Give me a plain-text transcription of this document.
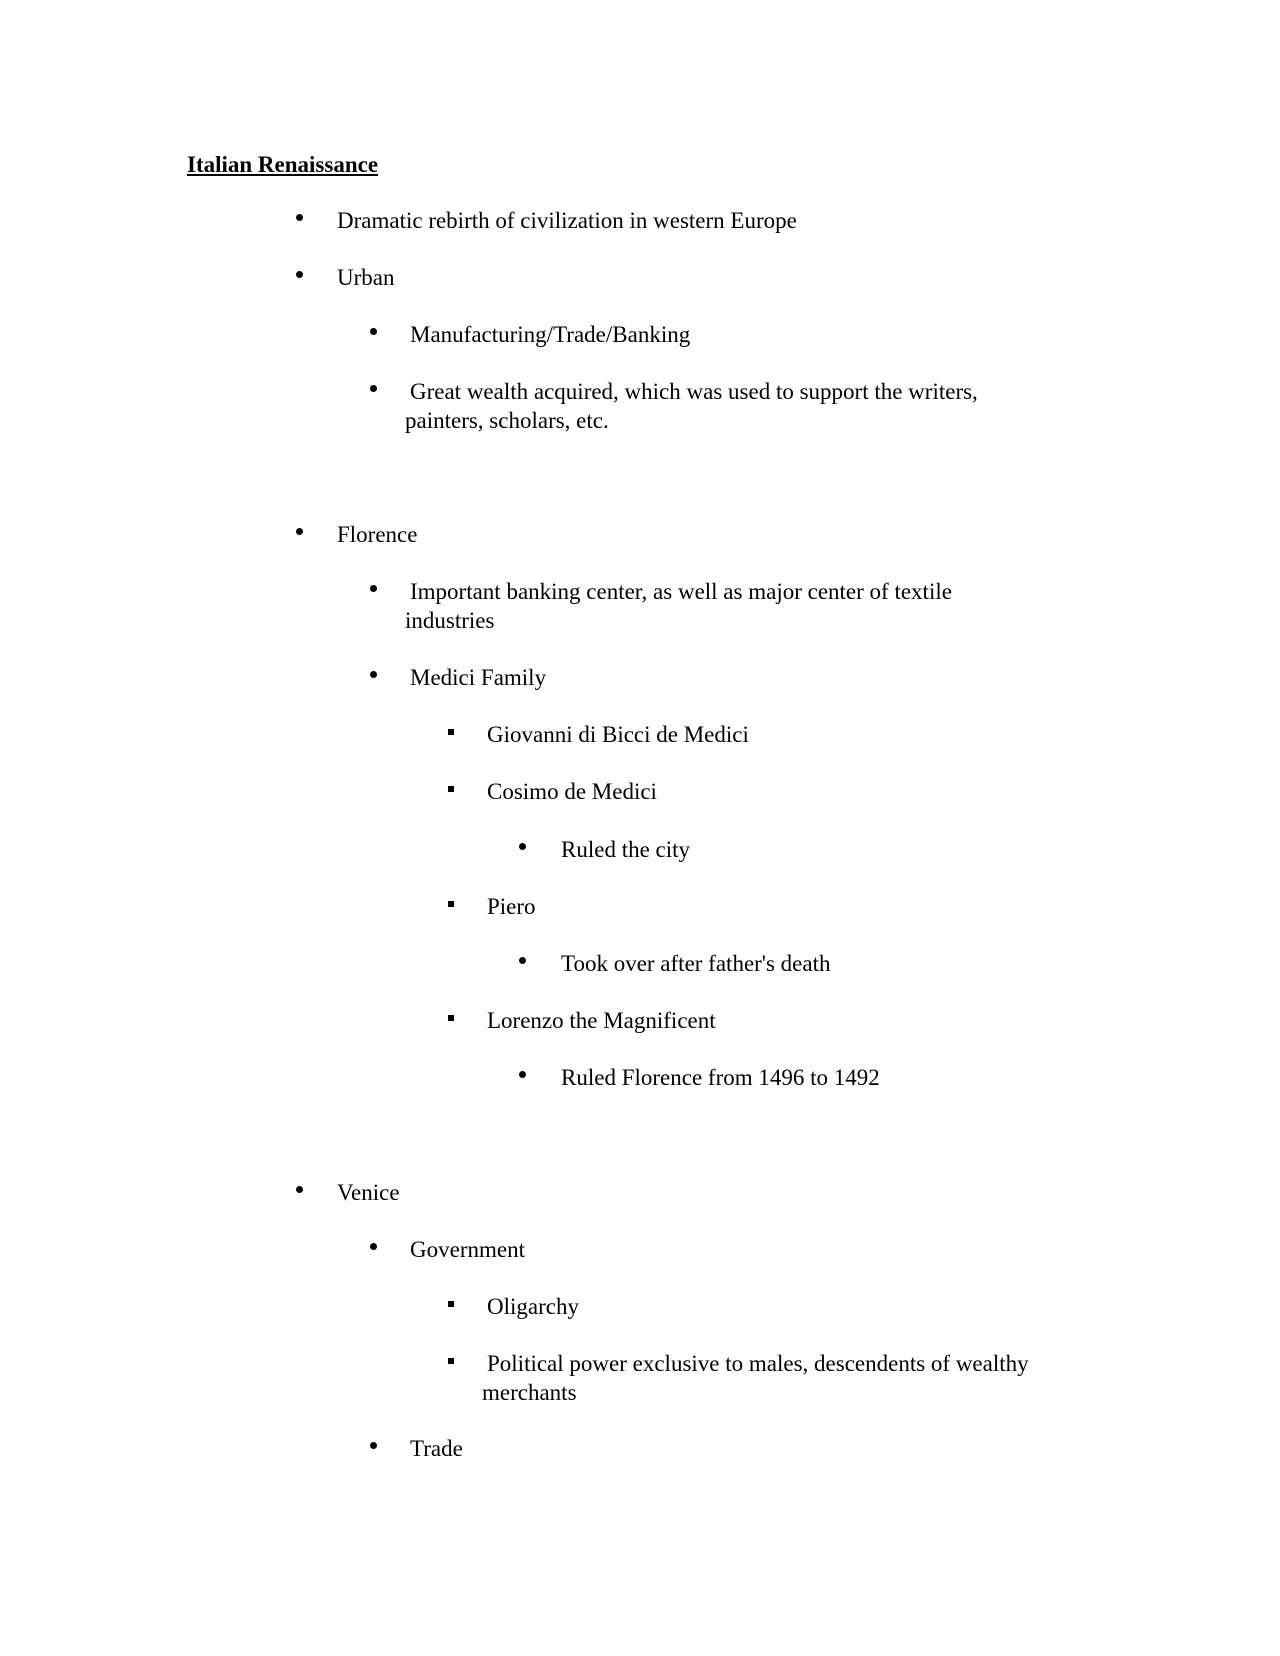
Italian Renaissance
Dramatic rebirth of civilization in western Europe
Urban
Manufacturing/Trade/Banking
Great wealth acquired, which was used to support the writers,
painters, scholars, etc.
Florence
Important banking center, as well as major center of textile
industries
Medici Family
Giovanni di Bicci de Medici
Cosimo de Medici
Ruled the city
Piero
Took over after father's death
Lorenzo the Magnificent
Ruled Florence from 1496 to 1492
Venice
Government
Oligarchy
Political power exclusive to males, descendents of wealthy
merchants
Trade
